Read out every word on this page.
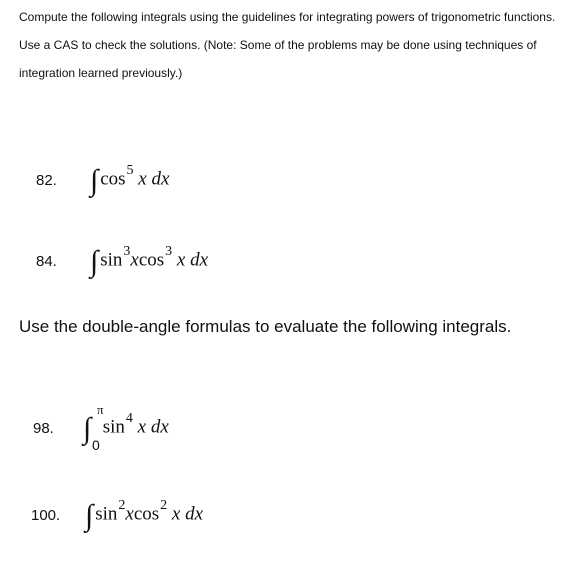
Compute the following integrals using the guidelines for integrating powers of trigonometric functions. Use a CAS to check the solutions. (Note: Some of the problems may be done using techniques of integration learned previously.)

82. ∫ $\cos^5 x$ dx
84. ∫ $\sin^3xcos^3$ x dx

Use the double-angle formulas to evaluate the following integrals.

98.
π
0
∫ $\sin^4 x$ dx
100. ∫ $\sin^2xcos^2$ x dx
